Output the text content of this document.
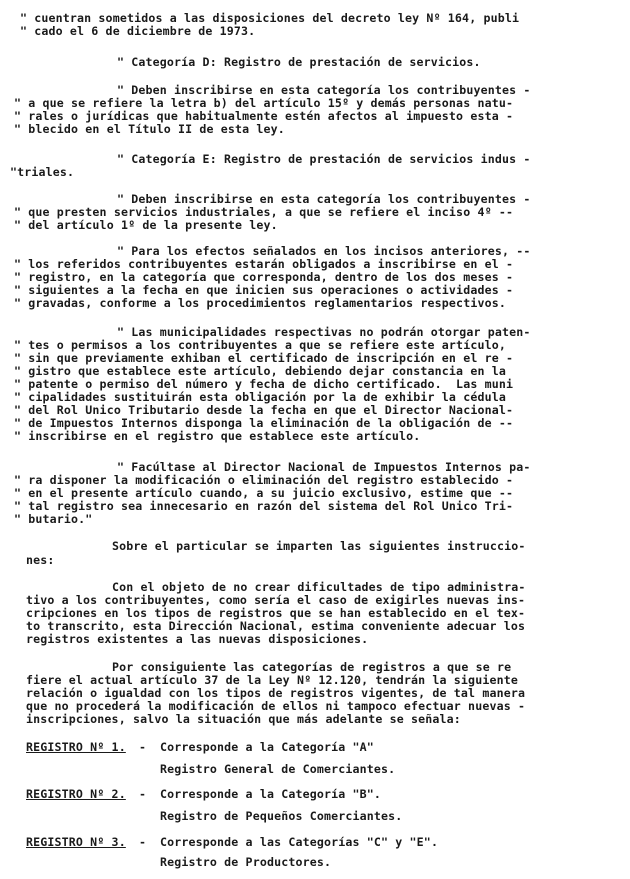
" cuentran sometidos a las disposiciones del decreto ley Nº 164, publi
" cado el 6 de diciembre de 1973.
" Categoría D: Registro de prestación de servicios.
" Deben inscribirse en esta categoría los contribuyentes -
" a que se refiere la letra b) del artículo 15º y demás personas natu-
" rales o jurídicas que habitualmente estén afectos al impuesto esta -
" blecido en el Título II de esta ley.
" Categoría E: Registro de prestación de servicios indus -
"triales.
" Deben inscribirse en esta categoría los contribuyentes -
" que presten servicios industriales, a que se refiere el inciso 4º --
" del artículo 1º de la presente ley.
" Para los efectos señalados en los incisos anteriores, --
" los referidos contribuyentes estarán obligados a inscribirse en el -
" registro, en la categoría que corresponda, dentro de los dos meses -
" siguientes a la fecha en que inicien sus operaciones o actividades -
" gravadas, conforme a los procedimientos reglamentarios respectivos.
" Las municipalidades respectivas no podrán otorgar paten-
" tes o permisos a los contribuyentes a que se refiere este artículo,
" sin que previamente exhiban el certificado de inscripción en el re -
" gistro que establece este artículo, debiendo dejar constancia en la
" patente o permiso del número y fecha de dicho certificado.  Las muni
" cipalidades sustituirán esta obligación por la de exhibir la cédula
" del Rol Unico Tributario desde la fecha en que el Director Nacional-
" de Impuestos Internos disponga la eliminación de la obligación de --
" inscribirse en el registro que establece este artículo.
" Facúltase al Director Nacional de Impuestos Internos pa-
" ra disponer la modificación o eliminación del registro establecido -
" en el presente artículo cuando, a su juicio exclusivo, estime que --
" tal registro sea innecesario en razón del sistema del Rol Unico Tri-
" butario."
Sobre el particular se imparten las siguientes instruccio-
nes:
Con el objeto de no crear dificultades de tipo administra-
tivo a los contribuyentes, como sería el caso de exigirles nuevas ins-
cripciones en los tipos de registros que se han establecido en el tex-
to transcrito, esta Dirección Nacional, estima conveniente adecuar los
registros existentes a las nuevas disposiciones.
Por consiguiente las categorías de registros a que se re
fiere el actual artículo 37 de la Ley Nº 12.120, tendrán la siguiente
relación o igualdad con los tipos de registros vigentes, de tal manera
que no procederá la modificación de ellos ni tampoco efectuar nuevas -
inscripciones, salvo la situación que más adelante se señala:
REGISTRO Nº 1. - Corresponde a la Categoría "A"
Registro General de Comerciantes.
REGISTRO Nº 2. - Corresponde a la Categoría "B".
Registro de Pequeños Comerciantes.
REGISTRO Nº 3. - Corresponde a las Categorías "C" y "E".
Registro de Productores.
